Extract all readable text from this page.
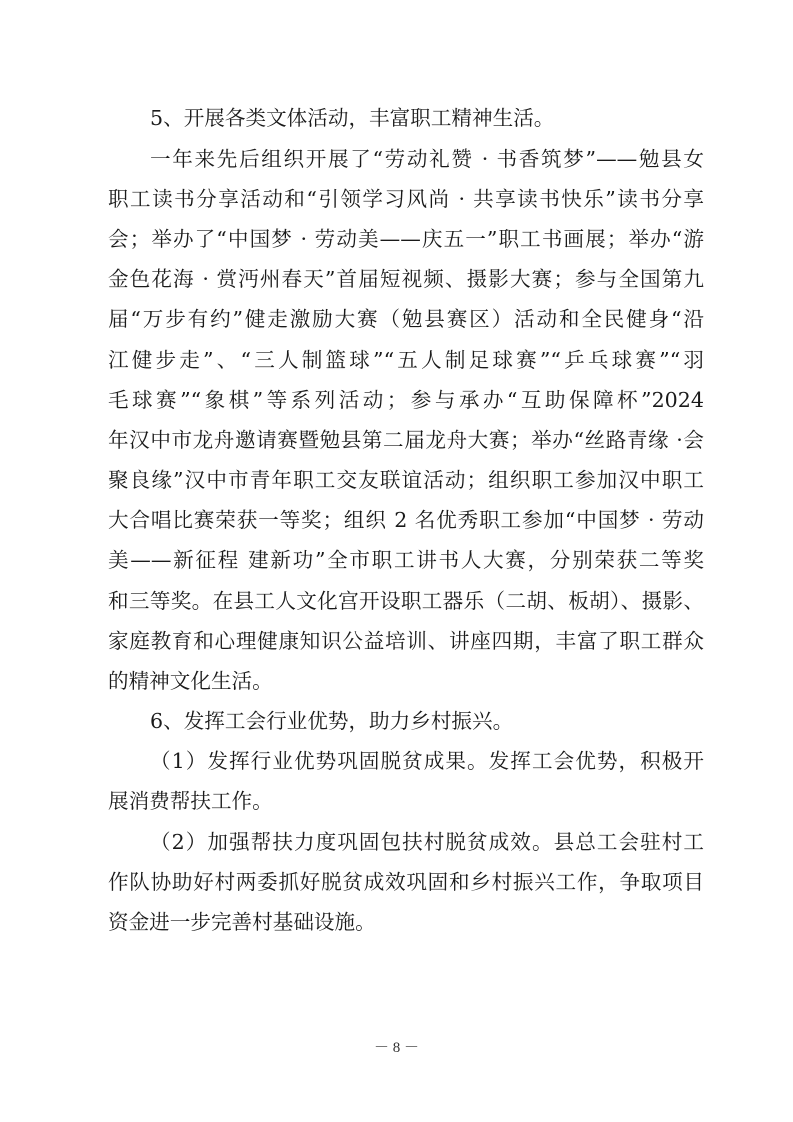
5、开展各类文体活动，丰富职工精神生活。
一年来先后组织开展了“劳动礼赞 · 书香筑梦”——勉县女
职工读书分享活动和“引领学习风尚 · 共享读书快乐”读书分享
会；举办了“中国梦 · 劳动美——庆五一”职工书画展；举办“游
金色花海 · 赏沔州春天”首届短视频、摄影大赛；参与全国第九
届“万步有约”健走激励大赛（勉县赛区）活动和全民健身“沿
江健步走”、“三人制篮球”“五人制足球赛”“乒乓球赛”“羽
毛球赛”“象棋”等系列活动；参与承办“互助保障杯”2024
年汉中市龙舟邀请赛暨勉县第二届龙舟大赛；举办“丝路青缘 ·会
聚良缘”汉中市青年职工交友联谊活动；组织职工参加汉中职工
大合唱比赛荣获一等奖；组织 2 名优秀职工参加“中国梦 · 劳动
美——新征程 建新功”全市职工讲书人大赛，分别荣获二等奖
和三等奖。在县工人文化宫开设职工器乐（二胡、板胡）、摄影、
家庭教育和心理健康知识公益培训、讲座四期，丰富了职工群众
的精神文化生活。
6、发挥工会行业优势，助力乡村振兴。
（1）发挥行业优势巩固脱贫成果。发挥工会优势，积极开
展消费帮扶工作。
（2）加强帮扶力度巩固包扶村脱贫成效。县总工会驻村工
作队协助好村两委抓好脱贫成效巩固和乡村振兴工作，争取项目
资金进一步完善村基础设施。
－ 8 －
